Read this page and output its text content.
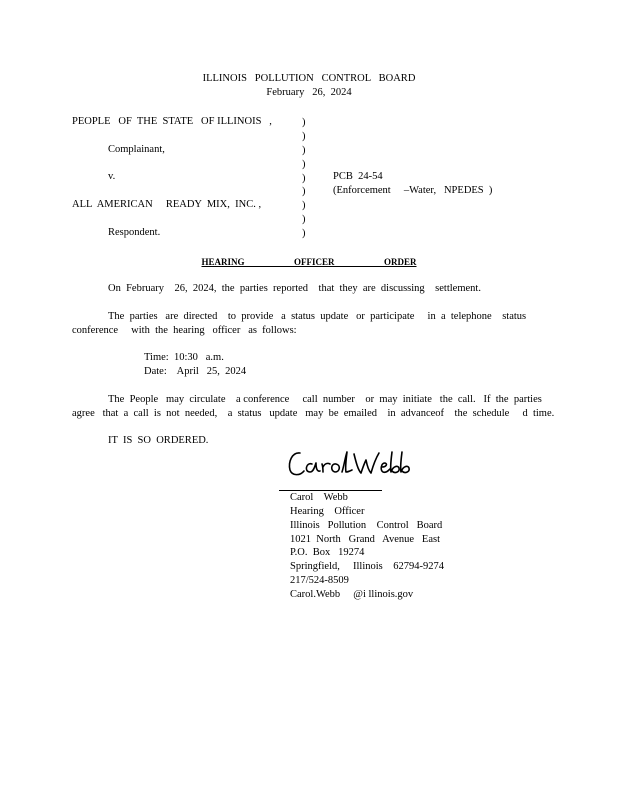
ILLINOIS   POLLUTION   CONTROL   BOARD
February   26,  2024
PEOPLE   OF  THE  STATE   OF ILLINOIS   ,
Complainant,
v.
ALL  AMERICAN     READY  MIX,  INC. ,
Respondent.
)
)
)
)
)
)
)
)
)
PCB  24-54
(Enforcement     –Water,   NPEDES  )
HEARING      OFFICER      ORDER
On  February    26,  2024,  the  parties  reported    that  they  are  discussing    settlement.
The  parties   are  directed    to  provide   a  status  update   or  participate     in  a  telephone    status
conference     with  the  hearing   officer   as  follows:
Time:  10:30   a.m.
Date:    April   25,  2024
The  People   may  circulate    a conference     call  number    or  may  initiate   the  call.   If  the  parties
agree   that  a  call  is  not  needed,    a  status   update   may  be  emailed    in  advanceof    the  schedule     d  time.
IT  IS  SO  ORDERED.
Carol    Webb
Hearing    Officer
Illinois   Pollution    Control   Board
1021  North   Grand   Avenue   East
P.O.  Box   19274
Springfield,     Illinois    62794-9274
217/524-8509
Carol.Webb     @i llinois.gov
